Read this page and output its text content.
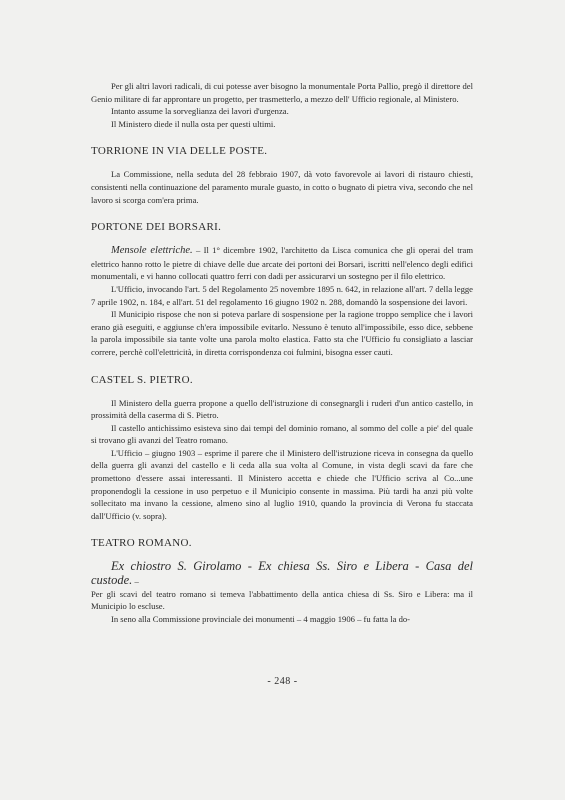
Per gli altri lavori radicali, di cui potesse aver bisogno la monumentale Porta Pallio, pregò il direttore del Genio militare di far approntare un progetto, per trasmetterlo, a mezzo dell' Ufficio regionale, al Ministero.

Intanto assume la sorveglianza dei lavori d'urgenza.

Il Ministero diede il nulla osta per questi ultimi.

TORRIONE IN VIA DELLE POSTE.

La Commissione, nella seduta del 28 febbraio 1907, dà voto favorevole ai lavori di ristauro chiesti, consistenti nella continuazione del paramento murale guasto, in cotto o bugnato di pietra viva, secondo che nel lavoro si scorga com'era prima.

PORTONE DEI BORSARI.

Mensole elettriche. – Il 1° dicembre 1902, l'architetto da Lisca comunica che gli operai del tram elettrico hanno rotto le pietre di chiave delle due arcate dei portoni dei Borsari, iscritti nell'elenco degli edifici monumentali, e vi hanno collocati quattro ferri con dadi per assicurarvi un sostegno per il filo elettrico.

L'Ufficio, invocando l'art. 5 del Regolamento 25 novembre 1895 n. 642, in relazione all'art. 7 della legge 7 aprile 1902, n. 184, e all'art. 51 del regolamento 16 giugno 1902 n. 288, domandò la sospensione dei lavori.

Il Municipio rispose che non si poteva parlare di sospensione per la ragione troppo semplice che i lavori erano già eseguiti, e aggiunse ch'era impossibile evitarlo. Nessuno è tenuto all'impossibile, esso dice, sebbene la parola impossibile sia tante volte una parola molto elastica. Fatto sta che l'Ufficio fu consigliato a lasciar correre, perchè coll'elettricità, in diretta corrispondenza coi fulmini, bisogna esser cauti.

CASTEL S. PIETRO.

Il Ministero della guerra propone a quello dell'istruzione di consegnargli i ruderi d'un antico castello, in prossimità della caserma di S. Pietro.

Il castello antichissimo esisteva sino dai tempi del dominio romano, al sommo del colle a pie' del quale si trovano gli avanzi del Teatro romano.

L'Ufficio – giugno 1903 – esprime il parere che il Ministero dell'istruzione riceva in consegna da quello della guerra gli avanzi del castello e li ceda alla sua volta al Comune, in vista degli scavi da fare che promettono d'essere assai interessanti. Il Ministero accetta e chiede che l'Ufficio scriva al Co...une proponendogli la cessione in uso perpetuo e il Municipio consente in massima. Più tardi ha anzi più volte sollecitato ma invano la cessione, almeno sino al luglio 1910, quando la provincia di Verona fu staccata dall'Ufficio (v. sopra).

TEATRO ROMANO.

Ex chiostro S. Girolamo - Ex chiesa Ss. Siro e Libera - Casa del custode. –

Per gli scavi del teatro romano si temeva l'abbattimento della antica chiesa di Ss. Siro e Libera: ma il Municipio lo escluse.

In seno alla Commissione provinciale dei monumenti – 4 maggio 1906 – fu fatta la do-

- 248 -
